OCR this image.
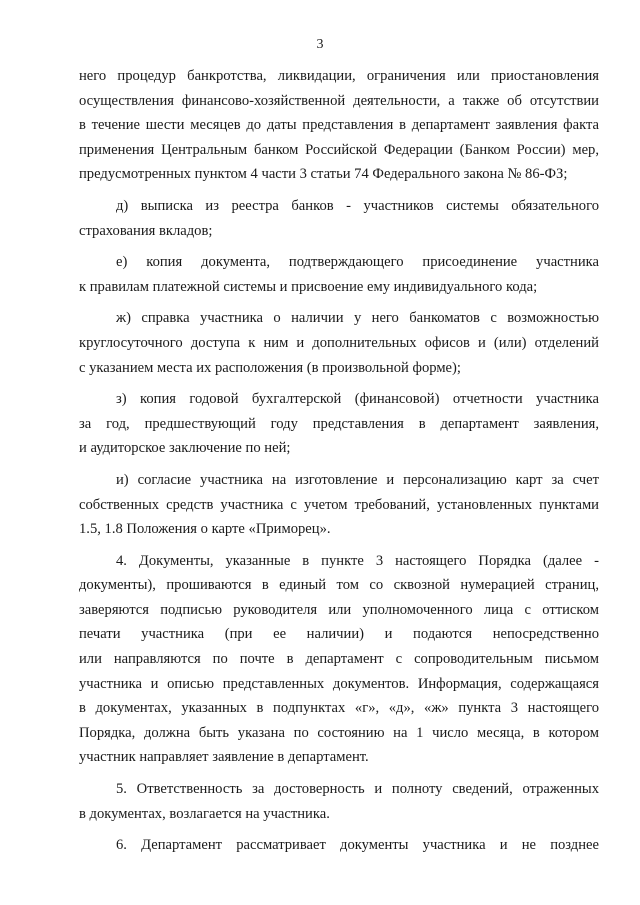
3
него процедур банкротства, ликвидации, ограничения или приостановления
осуществления финансово-хозяйственной деятельности, а также об отсутствии
в течение шести месяцев до даты представления в департамент заявления факта
применения Центральным банком Российской Федерации (Банком России) мер,
предусмотренных пунктом 4 части 3 статьи 74 Федерального закона № 86-ФЗ;
д) выписка из реестра банков - участников системы обязательного
страхования вкладов;
е) копия документа, подтверждающего присоединение участника
к правилам платежной системы и присвоение ему индивидуального кода;
ж) справка участника о наличии у него банкоматов с возможностью
круглосуточного доступа к ним и дополнительных офисов и (или) отделений
с указанием места их расположения (в произвольной форме);
з) копия годовой бухгалтерской (финансовой) отчетности участника
за год, предшествующий году представления в департамент заявления,
и аудиторское заключение по ней;
и) согласие участника на изготовление и персонализацию карт за счет
собственных средств участника с учетом требований, установленных пунктами
1.5, 1.8 Положения о карте «Приморец».
4. Документы, указанные в пункте 3 настоящего Порядка (далее -
документы), прошиваются в единый том со сквозной нумерацией страниц,
заверяются подписью руководителя или уполномоченного лица с оттиском
печати участника (при ее наличии) и подаются непосредственно
или направляются по почте в департамент с сопроводительным письмом
участника и описью представленных документов. Информация, содержащаяся
в документах, указанных в подпунктах «г», «д», «ж» пункта 3 настоящего
Порядка, должна быть указана по состоянию на 1 число месяца, в котором
участник направляет заявление в департамент.
5. Ответственность за достоверность и полноту сведений, отраженных
в документах, возлагается на участника.
6. Департамент рассматривает документы участника и не позднее
